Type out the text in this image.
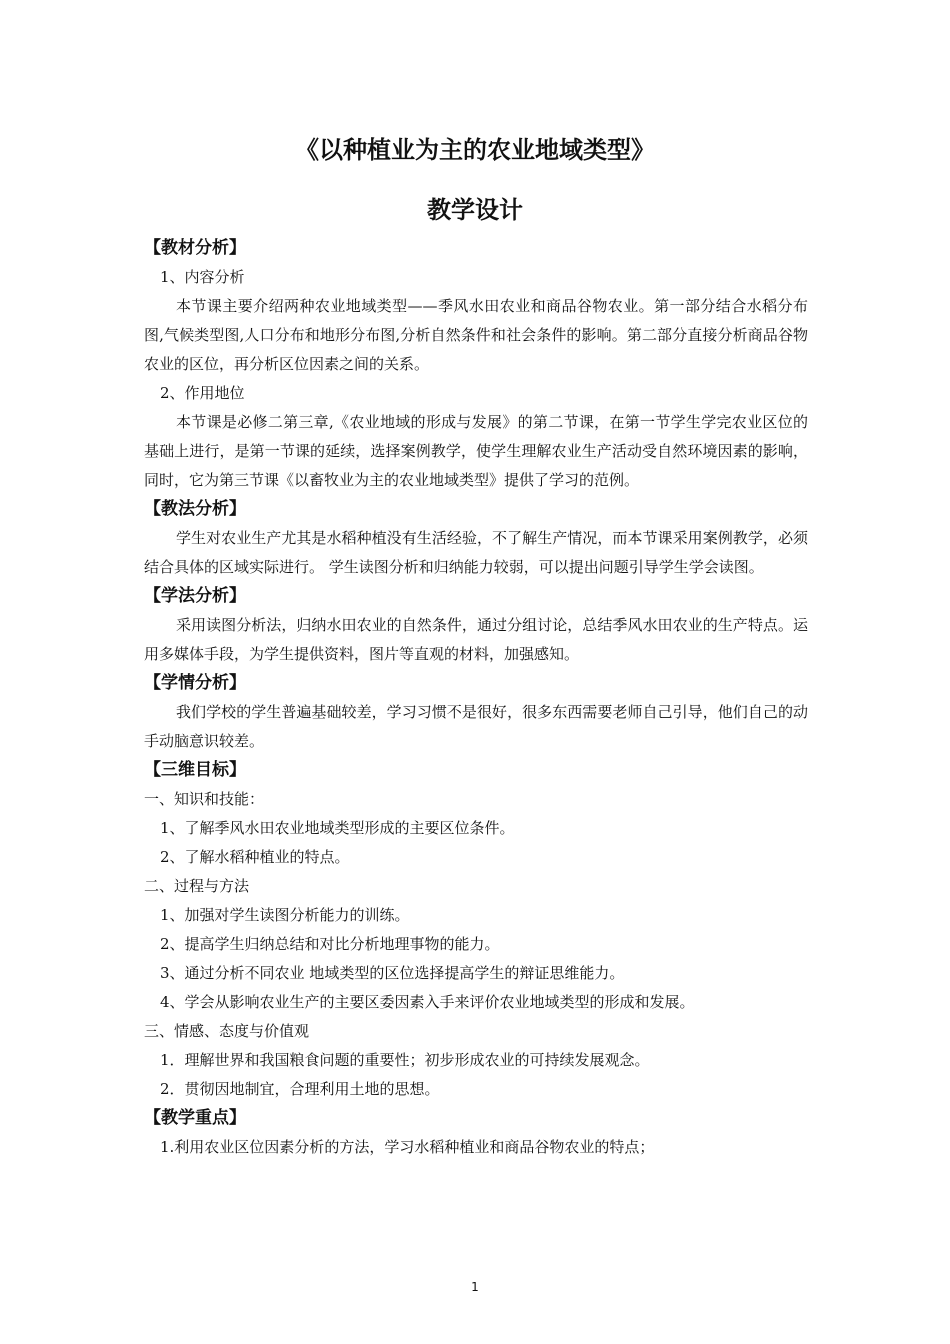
《以种植业为主的农业地域类型》
教学设计
【教材分析】

1、内容分析

本节课主要介绍两种农业地域类型——季风水田农业和商品谷物农业。第一部分结合水稻分布图,气候类型图,人口分布和地形分布图,分析自然条件和社会条件的影响。第二部分直接分析商品谷物农业的区位，再分析区位因素之间的关系。

2、作用地位

本节课是必修二第三章,《农业地域的形成与发展》的第二节课，在第一节学生学完农业区位的基础上进行，是第一节课的延续，选择案例教学，使学生理解农业生产活动受自然环境因素的影响，同时，它为第三节课《以畜牧业为主的农业地域类型》提供了学习的范例。

【教法分析】

学生对农业生产尤其是水稻种植没有生活经验，不了解生产情况，而本节课采用案例教学，必须结合具体的区域实际进行。 学生读图分析和归纳能力较弱，可以提出问题引导学生学会读图。

【学法分析】

采用读图分析法，归纳水田农业的自然条件，通过分组讨论，总结季风水田农业的生产特点。运用多媒体手段，为学生提供资料，图片等直观的材料，加强感知。

【学情分析】

我们学校的学生普遍基础较差，学习习惯不是很好，很多东西需要老师自己引导，他们自己的动手动脑意识较差。

【三维目标】

一、知识和技能：

1、了解季风水田农业地域类型形成的主要区位条件。

2、了解水稻种植业的特点。

二、过程与方法

1、加强对学生读图分析能力的训练。

2、提高学生归纳总结和对比分析地理事物的能力。

3、通过分析不同农业 地域类型的区位选择提高学生的辩证思维能力。

4、学会从影响农业生产的主要区委因素入手来评价农业地域类型的形成和发展。

三、情感、态度与价值观

1．理解世界和我国粮食问题的重要性；初步形成农业的可持续发展观念。

2．贯彻因地制宜，合理利用土地的思想。

【教学重点】

1.利用农业区位因素分析的方法，学习水稻种植业和商品谷物农业的特点；

1
